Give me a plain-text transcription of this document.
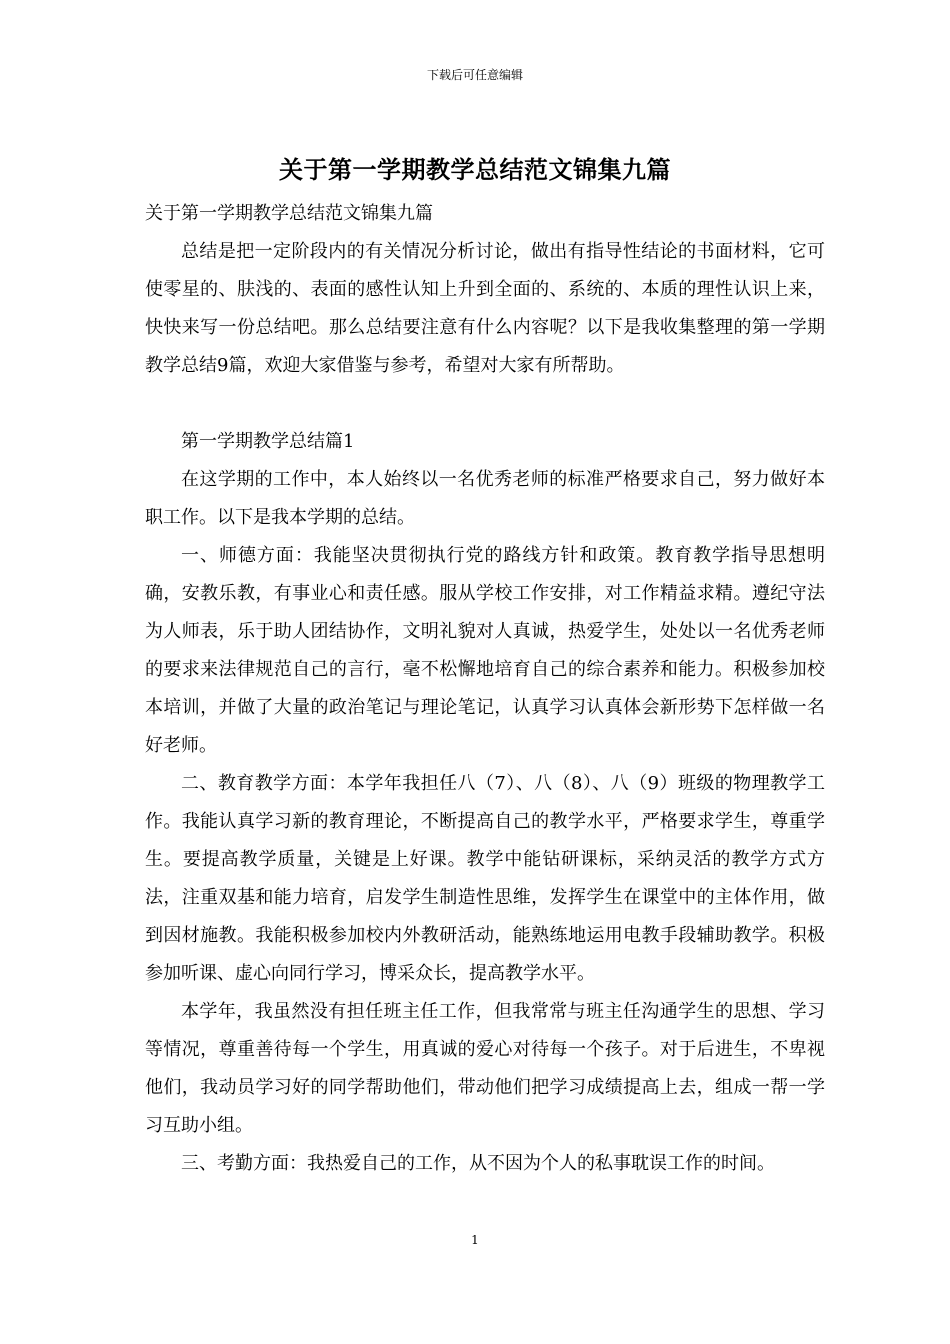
下载后可任意编辑
关于第一学期教学总结范文锦集九篇

关于第一学期教学总结范文锦集九篇

总结是把一定阶段内的有关情况分析讨论，做出有指导性结论的书面材料，它可使零星的、肤浅的、表面的感性认知上升到全面的、系统的、本质的理性认识上来，快快来写一份总结吧。那么总结要注意有什么内容呢？以下是我收集整理的第一学期教学总结9篇，欢迎大家借鉴与参考，希望对大家有所帮助。

第一学期教学总结篇1

在这学期的工作中，本人始终以一名优秀老师的标准严格要求自己，努力做好本职工作。以下是我本学期的总结。

一、师德方面：我能坚决贯彻执行党的路线方针和政策。教育教学指导思想明确，安教乐教，有事业心和责任感。服从学校工作安排，对工作精益求精。遵纪守法为人师表，乐于助人团结协作，文明礼貌对人真诚，热爱学生，处处以一名优秀老师的要求来法律规范自己的言行，毫不松懈地培育自己的综合素养和能力。积极参加校本培训，并做了大量的政治笔记与理论笔记，认真学习认真体会新形势下怎样做一名好老师。

二、教育教学方面：本学年我担任八（7）、八（8）、八（9）班级的物理教学工作。我能认真学习新的教育理论，不断提高自己的教学水平，严格要求学生，尊重学生。要提高教学质量，关键是上好课。教学中能钻研课标，采纳灵活的教学方式方法，注重双基和能力培育，启发学生制造性思维，发挥学生在课堂中的主体作用，做到因材施教。我能积极参加校内外教研活动，能熟练地运用电教手段辅助教学。积极参加听课、虚心向同行学习，博采众长，提高教学水平。

本学年，我虽然没有担任班主任工作，但我常常与班主任沟通学生的思想、学习等情况，尊重善待每一个学生，用真诚的爱心对待每一个孩子。对于后进生，不卑视他们，我动员学习好的同学帮助他们，带动他们把学习成绩提高上去，组成一帮一学习互助小组。

三、考勤方面：我热爱自己的工作，从不因为个人的私事耽误工作的时间。

1
